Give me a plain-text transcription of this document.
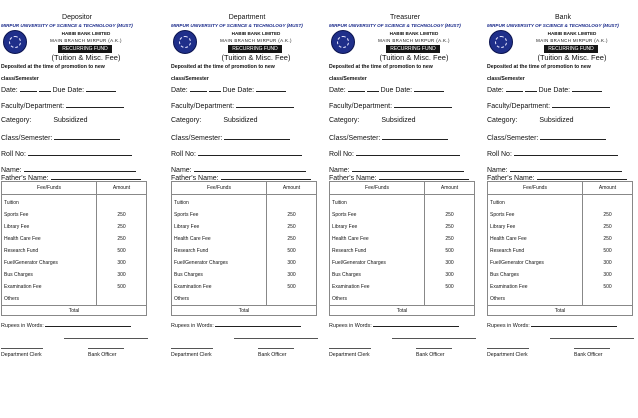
Depositor
MIRPUR UNIVERSITY OF SCIENCE & TECHNOLOGY (MUST)
HABIB BANK LIMITED
MAIN BRANCH MIRPUR (A.K.)
RECURRING FUND
(Tuition & Misc. Fee)
Deposited at the time of promotion to new
class/Semester
Date:	Due Date:
Faculty/Department:
Category:	Subsidized
Class/Semester:
Roll No:
Name:
Father's Name:
Fee/Funds	Amount
Tuition	
Sports Fee	250
Library Fee	250
Health Care Fee	250
Research Fund	500
Fuel/Generator Charges	300
Bus Charges	300
Examination Fee	500
Others	
Total	
Rupees in Words:
Department Clerk	Bank Officer
Department
MIRPUR UNIVERSITY OF SCIENCE & TECHNOLOGY (MUST)
HABIB BANK LIMITED
MAIN BRANCH MIRPUR (A.K.)
RECURRING FUND
(Tuition & Misc. Fee)
Deposited at the time of promotion to new
class/Semester
Date:	Due Date:
Faculty/Department:
Category:	Subsidized
Class/Semester:
Roll No:
Name:
Father's Name:
Fee/Funds	Amount
Tuition	
Sports Fee	250
Library Fee	250
Health Care Fee	250
Research Fund	500
Fuel/Generator Charges	300
Bus Charges	300
Examination Fee	500
Others	
Total	
Rupees in Words:
Department Clerk	Bank Officer
Treasurer
MIRPUR UNIVERSITY OF SCIENCE & TECHNOLOGY (MUST)
HABIB BANK LIMITED
MAIN BRANCH MIRPUR (A.K.)
RECURRING FUND
(Tuition & Misc. Fee)
Deposited at the time of promotion to new
class/Semester
Date:	Due Date:
Faculty/Department:
Category:	Subsidized
Class/Semester:
Roll No:
Name:
Father's Name:
Fee/Funds	Amount
Tuition	
Sports Fee	250
Library Fee	250
Health Care Fee	250
Research Fund	500
Fuel/Generator Charges	300
Bus Charges	300
Examination Fee	500
Others	
Total	
Rupees in Words:
Department Clerk	Bank Officer
Bank
MIRPUR UNIVERSITY OF SCIENCE & TECHNOLOGY (MUST)
HABIB BANK LIMITED
MAIN BRANCH MIRPUR (A.K.)
RECURRING FUND
(Tuition & Misc. Fee)
Deposited at the time of promotion to new
class/Semester
Date:	Due Date:
Faculty/Department:
Category:	Subsidized
Class/Semester:
Roll No:
Name:
Father's Name:
Fee/Funds	Amount
Tuition	
Sports Fee	250
Library Fee	250
Health Care Fee	250
Research Fund	500
Fuel/Generator Charges	300
Bus Charges	300
Examination Fee	500
Others	
Total	
Rupees in Words:
Department Clerk	Bank Officer
